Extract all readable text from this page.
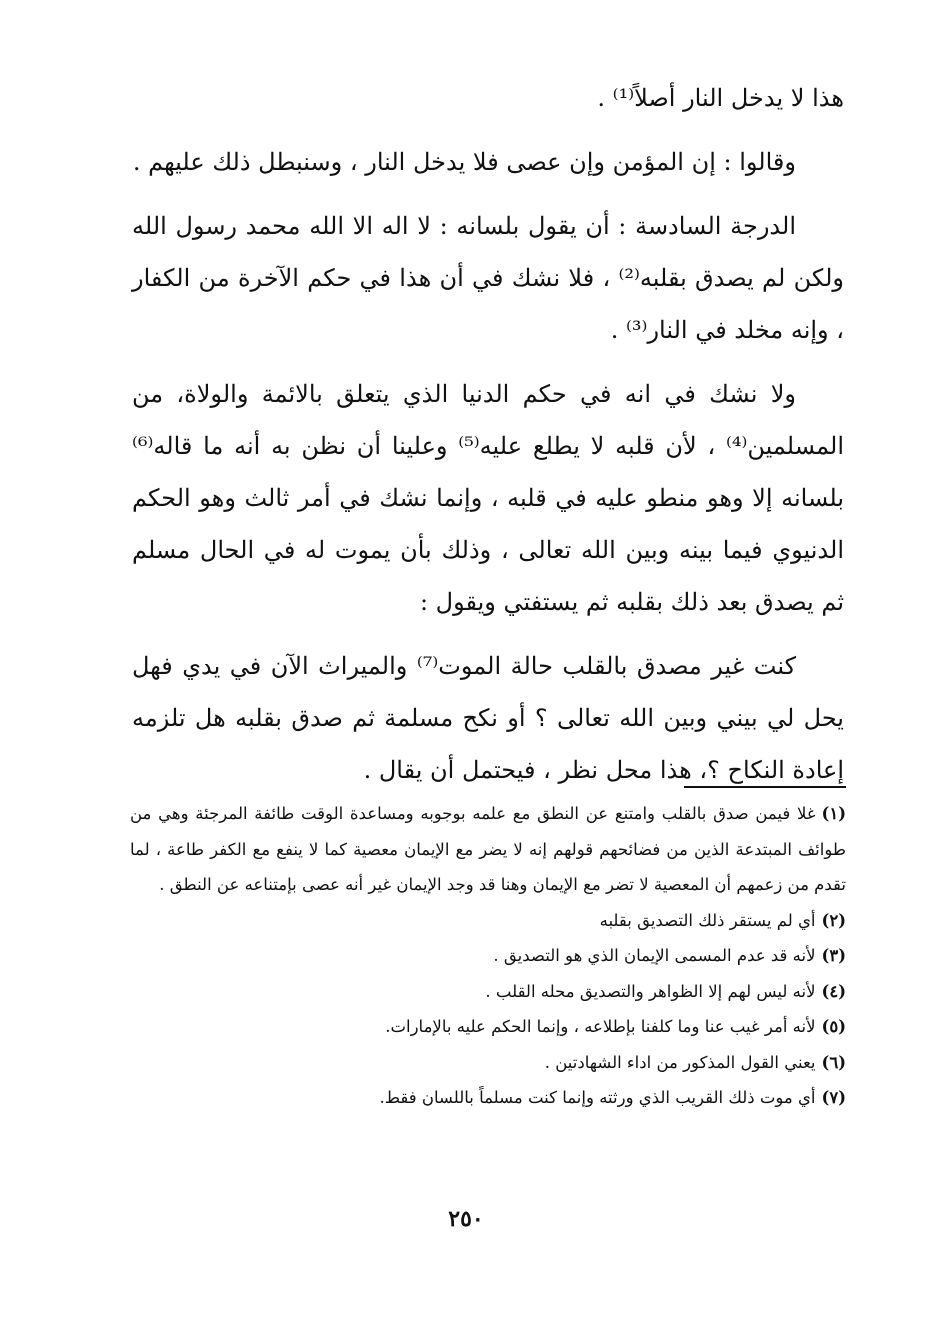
هذا لا يدخل النار أصلاً⁽¹⁾ .

وقالوا : إن المؤمن وإن عصى فلا يدخل النار ، وسنبطل ذلك عليهم .

الدرجة السادسة : أن يقول بلسانه : لا اله الا الله محمد رسول الله ولكن لم يصدق بقلبه⁽²⁾ ، فلا نشك في أن هذا في حكم الآخرة من الكفار ، وإنه مخلد في النار⁽³⁾ .

ولا نشك في انه في حكم الدنيا الذي يتعلق بالائمة والولاة، من المسلمين⁽⁴⁾ ، لأن قلبه لا يطلع عليه⁽⁵⁾ وعلينا أن نظن به أنه ما قاله⁽⁶⁾ بلسانه إلا وهو منطو عليه في قلبه ، وإنما نشك في أمر ثالث وهو الحكم الدنيوي فيما بينه وبين الله تعالى ، وذلك بأن يموت له في الحال مسلم ثم يصدق بعد ذلك بقلبه ثم يستفتي ويقول :

كنت غير مصدق بالقلب حالة الموت⁽⁷⁾ والميراث الآن في يدي فهل يحل لي بيني وبين الله تعالى ؟ أو نكح مسلمة ثم صدق بقلبه هل تلزمه إعادة النكاح ؟، هذا محل نظر ، فيحتمل أن يقال .

(١)غلا فيمن صدق بالقلب وامتنع عن النطق مع علمه بوجوبه ومساعدة الوقت طائفة المرجئة وهي من طوائف المبتدعة الذين من فضائحهم قولهم إنه لا يضر مع الإيمان معصية كما لا ينفع مع الكفر طاعة ، لما تقدم من زعمهم أن المعصية لا تضر مع الإيمان وهنا قد وجد الإيمان غير أنه عصى بإمتناعه عن النطق .
(٢)أي لم يستقر ذلك التصديق بقلبه
(٣)لأنه قد عدم المسمى الإيمان الذي هو التصديق .
(٤)لأنه ليس لهم إلا الظواهر والتصديق محله القلب .
(٥)لأنه أمر غيب عنا وما كلفنا بإطلاعه ، وإنما الحكم عليه بالإمارات.
(٦)يعني القول المذكور من اداء الشهادتين .
(٧)أي موت ذلك القريب الذي ورثته وإنما كنت مسلماً باللسان فقط.
٢٥٠
